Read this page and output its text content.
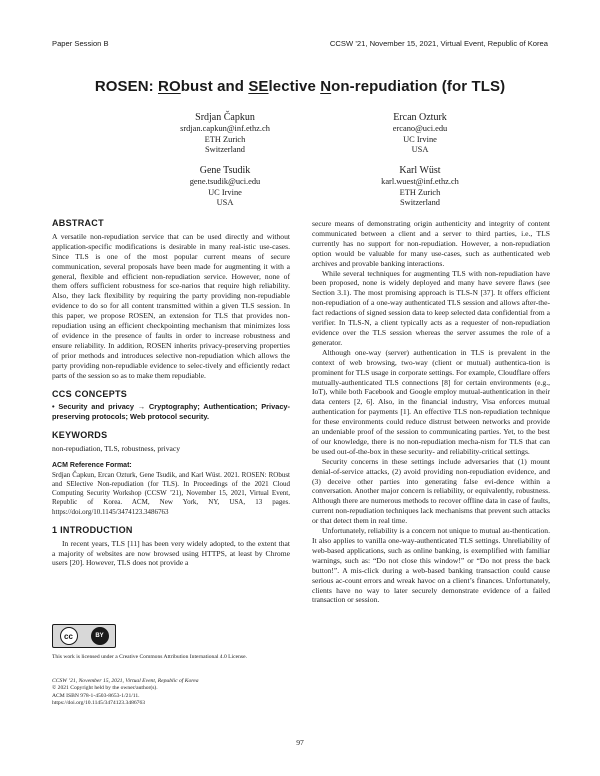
Paper Session B	CCSW ’21, November 15, 2021, Virtual Event, Republic of Korea
ROSEN: RObust and SElective Non-repudiation (for TLS)
Srdjan Čapkun
srdjan.capkun@inf.ethz.ch
ETH Zurich
Switzerland
Ercan Ozturk
ercano@uci.edu
UC Irvine
USA
Gene Tsudik
gene.tsudik@uci.edu
UC Irvine
USA
Karl Wüst
karl.wuest@inf.ethz.ch
ETH Zurich
Switzerland
ABSTRACT

A versatile non-repudiation service that can be used directly and without application-specific modifications is desirable in many real-istic use-cases. Since TLS is one of the most popular current means of secure communication, several proposals have been made for augmenting it with a general, flexible and efficient non-repudiation service. However, none of them offers sufficient robustness for sce-narios that require high reliability. Also, they lack flexibility by requiring the party providing non-repudiable evidence to do so for all content transmitted within a given TLS session. In this paper, we propose ROSEN, an extension for TLS that provides non-repudiation using an efficient checkpointing mechanism that minimizes loss of evidence in the presence of faults in order to increase robustness and ensure reliability. In addition, ROSEN inherits privacy-preserving properties of prior methods and introduces selective non-repudiation which allows the party providing non-repudiable evidence to selec-tively and efficiently redact parts of the session so as to make them repudiable.

CCS CONCEPTS
• Security and privacy → Cryptography; Authentication; Privacy-preserving protocols; Web protocol security.
KEYWORDS
non-repudiation, TLS, robustness, privacy
ACM Reference Format:
Srdjan Čapkun, Ercan Ozturk, Gene Tsudik, and Karl Wüst. 2021. ROSEN: RObust and SElective Non-repudiation (for TLS). In Proceedings of the 2021 Cloud Computing Security Workshop (CCSW ’21), November 15, 2021, Virtual Event, Republic of Korea. ACM, New York, NY, USA, 13 pages. https://doi.org/10.1145/3474123.3486763
1 INTRODUCTION

In recent years, TLS [11] has been very widely adopted, to the extent that a majority of websites are now browsed using HTTPS, at least by Chrome users [20]. However, TLS does not provide a

cc	BY
This work is licensed under a Creative Commons Attribution International 4.0 License.
CCSW ’21, November 15, 2021, Virtual Event, Republic of Korea
© 2021 Copyright held by the owner/author(s).
ACM ISBN 978-1-4503-8653-1/21/11.
https://doi.org/10.1145/3474123.3486763

secure means of demonstrating origin authenticity and integrity of content communicated between a client and a server to third parties, i.e., TLS currently has no support for non-repudiation. However, a non-repudiation option would be valuable for many use-cases, such as authenticated web archives and provable banking interactions.

While several techniques for augmenting TLS with non-repudiation have been proposed, none is widely deployed and many have severe flaws (see Section 3.1). The most promising approach is TLS-N [37]. It offers efficient non-repudiation of a one-way authenticated TLS session and allows after-the-fact redactions of signed session data to keep selected data confidential from a verifier. In TLS-N, a client typically acts as a requester of non-repudiation evidence over the TLS session whereas the server assumes the role of a generator.

Although one-way (server) authentication in TLS is prevalent in the context of web browsing, two-way (client or mutual) authentica-tion is prominent for TLS usage in corporate settings. For example, Cloudflare offers mutually-authenticated TLS connections [8] for certain environments (e.g., IoT), while both Facebook and Google employ mutual-authentication in their data centers [2, 6]. Also, in the financial industry, Visa enforces mutual authentication for payments [1]. An effective TLS non-repudiation technique for these environments could reduce distrust between networks and provide an undeniable proof of the session to communicating parties. Yet, to the best of our knowledge, there is no non-repudiation mecha-nism for TLS that can be used out-of-the-box in these security- and reliability-critical settings.

Security concerns in these settings include adversaries that (1) mount denial-of-service attacks, (2) avoid providing non-repudiation evidence, and (3) deceive other parties into generating false evi-dence within a conversation. Another major concern is reliability, or equivalently, robustness. Although there are numerous methods to recover offline data in case of faults, current non-repudiation techniques lack mechanisms that prevent such attacks or that detect them in real time.

Unfortunately, reliability is a concern not unique to mutual au-thentication. It also applies to vanilla one-way-authenticated TLS settings. Unreliability of web-based applications, such as online banking, is exemplified with familiar warnings, such as: “Do not close this window!” or “Do not press the back button!”. A mis-click during a web-based banking transaction could cause serious ac-count errors and wreak havoc on a client’s finances. Unfortunately, clients have no way to later securely demonstrate evidence of a failed transaction or session.

97
